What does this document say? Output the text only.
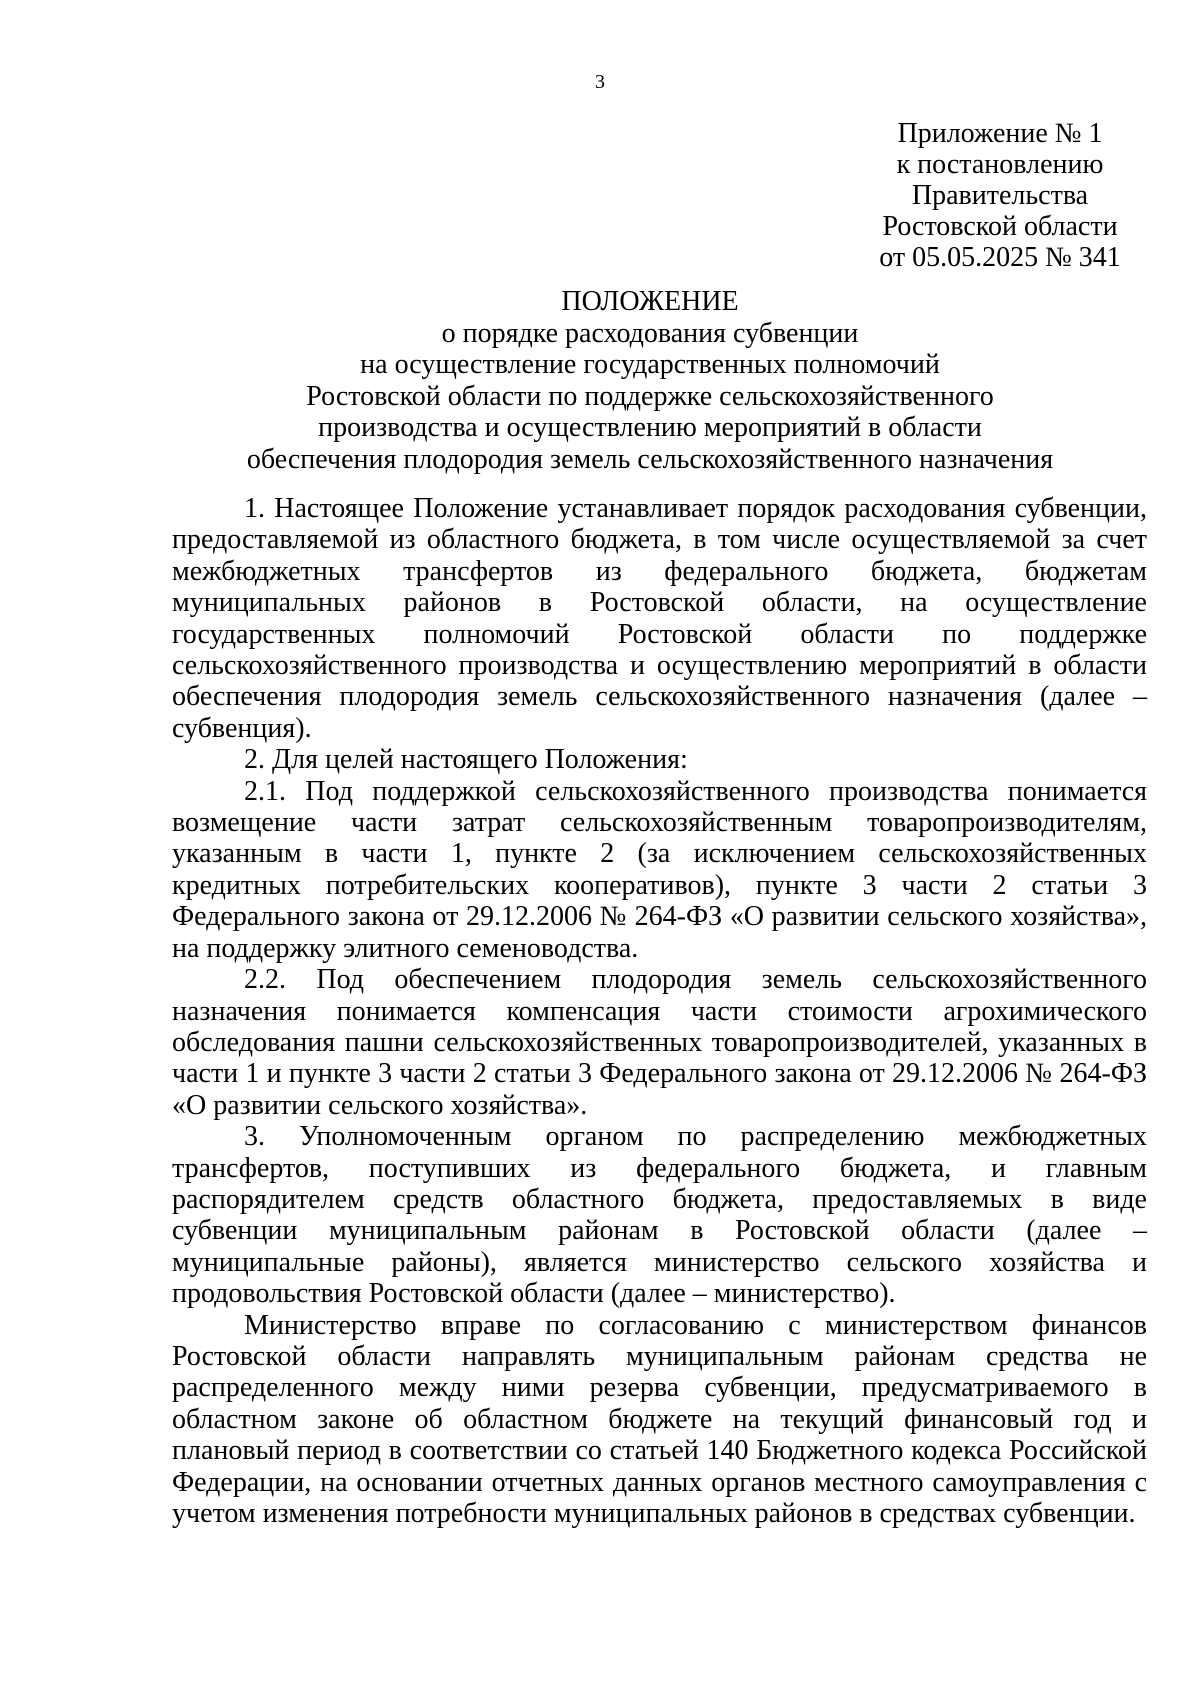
3
Приложение № 1
к постановлению
Правительства
Ростовской области
от 05.05.2025 № 341
ПОЛОЖЕНИЕ
о порядке расходования субвенции
на осуществление государственных полномочий
Ростовской области по поддержке сельскохозяйственного
производства и осуществлению мероприятий в области
обеспечения плодородия земель сельскохозяйственного назначения

1. Настоящее Положение устанавливает порядок расходования субвенции, предоставляемой из областного бюджета, в том числе осуществляемой за счет межбюджетных трансфертов из федерального бюджета, бюджетам муниципальных районов в Ростовской области, на осуществление государственных полномочий Ростовской области по поддержке сельскохозяйственного производства и осуществлению мероприятий в области обеспечения плодородия земель сельскохозяйственного назначения (далее – субвенция).

2. Для целей настоящего Положения:

2.1. Под поддержкой сельскохозяйственного производства понимается возмещение части затрат сельскохозяйственным товаропроизводителям, указанным в части 1, пункте 2 (за исключением сельскохозяйственных кредитных потребительских кооперативов), пункте 3 части 2 статьи 3 Федерального закона от 29.12.2006 № 264-ФЗ «О развитии сельского хозяйства», на поддержку элитного семеноводства.

2.2. Под обеспечением плодородия земель сельскохозяйственного назначения понимается компенсация части стоимости агрохимического обследования пашни сельскохозяйственных товаропроизводителей, указанных в части 1 и пункте 3 части 2 статьи 3 Федерального закона от 29.12.2006 № 264-ФЗ «О развитии сельского хозяйства».

3. Уполномоченным органом по распределению межбюджетных трансфертов, поступивших из федерального бюджета, и главным распорядителем средств областного бюджета, предоставляемых в виде субвенции муниципальным районам в Ростовской области (далее – муниципальные районы), является министерство сельского хозяйства и продовольствия Ростовской области (далее – министерство).

Министерство вправе по согласованию с министерством финансов Ростовской области направлять муниципальным районам средства не распределенного между ними резерва субвенции, предусматриваемого в областном законе об областном бюджете на текущий финансовый год и плановый период в соответствии со статьей 140 Бюджетного кодекса Российской Федерации, на основании отчетных данных органов местного самоуправления с учетом изменения потребности муниципальных районов в средствах субвенции.
